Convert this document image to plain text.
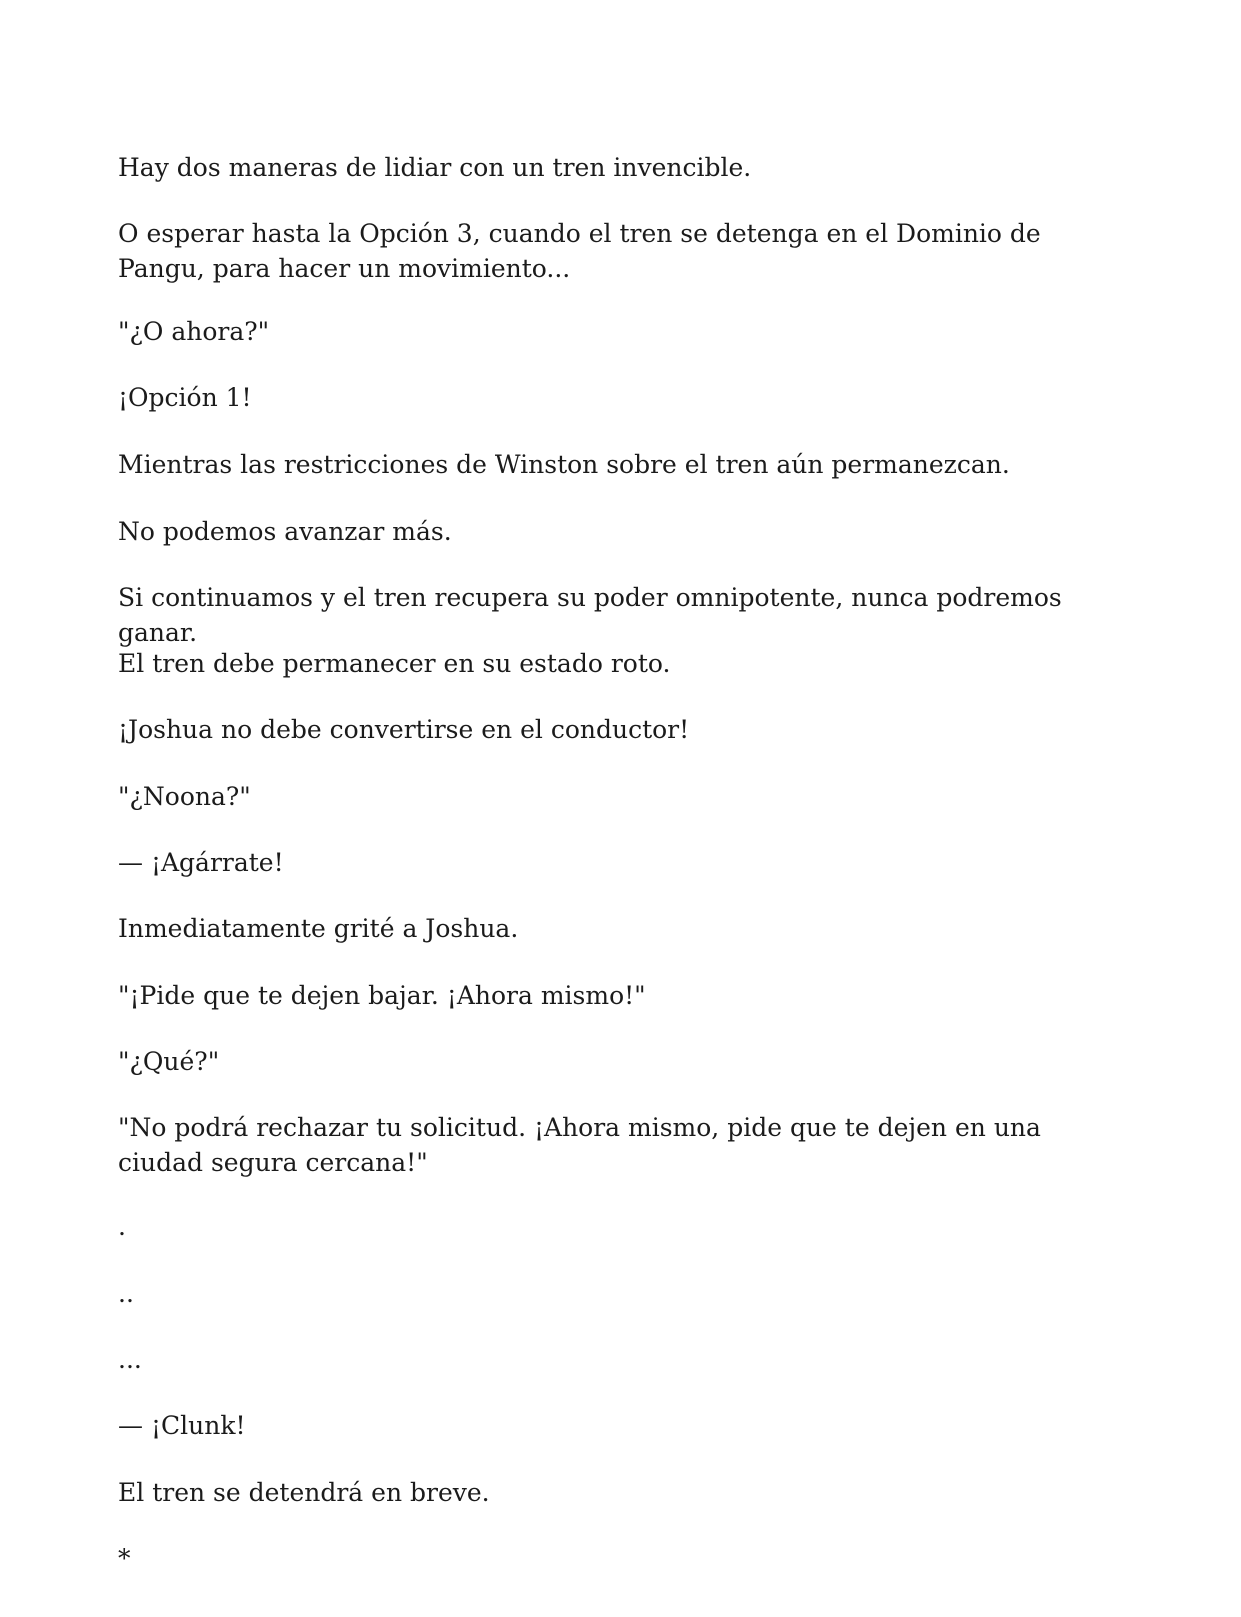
Hay dos maneras de lidiar con un tren invencible.

O esperar hasta la Opción 3, cuando el tren se detenga en el Dominio de Pangu, para hacer un movimiento...

"¿O ahora?"

¡Opción 1!

Mientras las restricciones de Winston sobre el tren aún permanezcan.

No podemos avanzar más.

Si continuamos y el tren recupera su poder omnipotente, nunca podremos ganar.

El tren debe permanecer en su estado roto.

¡Joshua no debe convertirse en el conductor!

"¿Noona?"

— ¡Agárrate!

Inmediatamente grité a Joshua.

"¡Pide que te dejen bajar. ¡Ahora mismo!"

"¿Qué?"

"No podrá rechazar tu solicitud. ¡Ahora mismo, pide que te dejen en una ciudad segura cercana!"

.

..

...

— ¡Clunk!

El tren se detendrá en breve.

*
